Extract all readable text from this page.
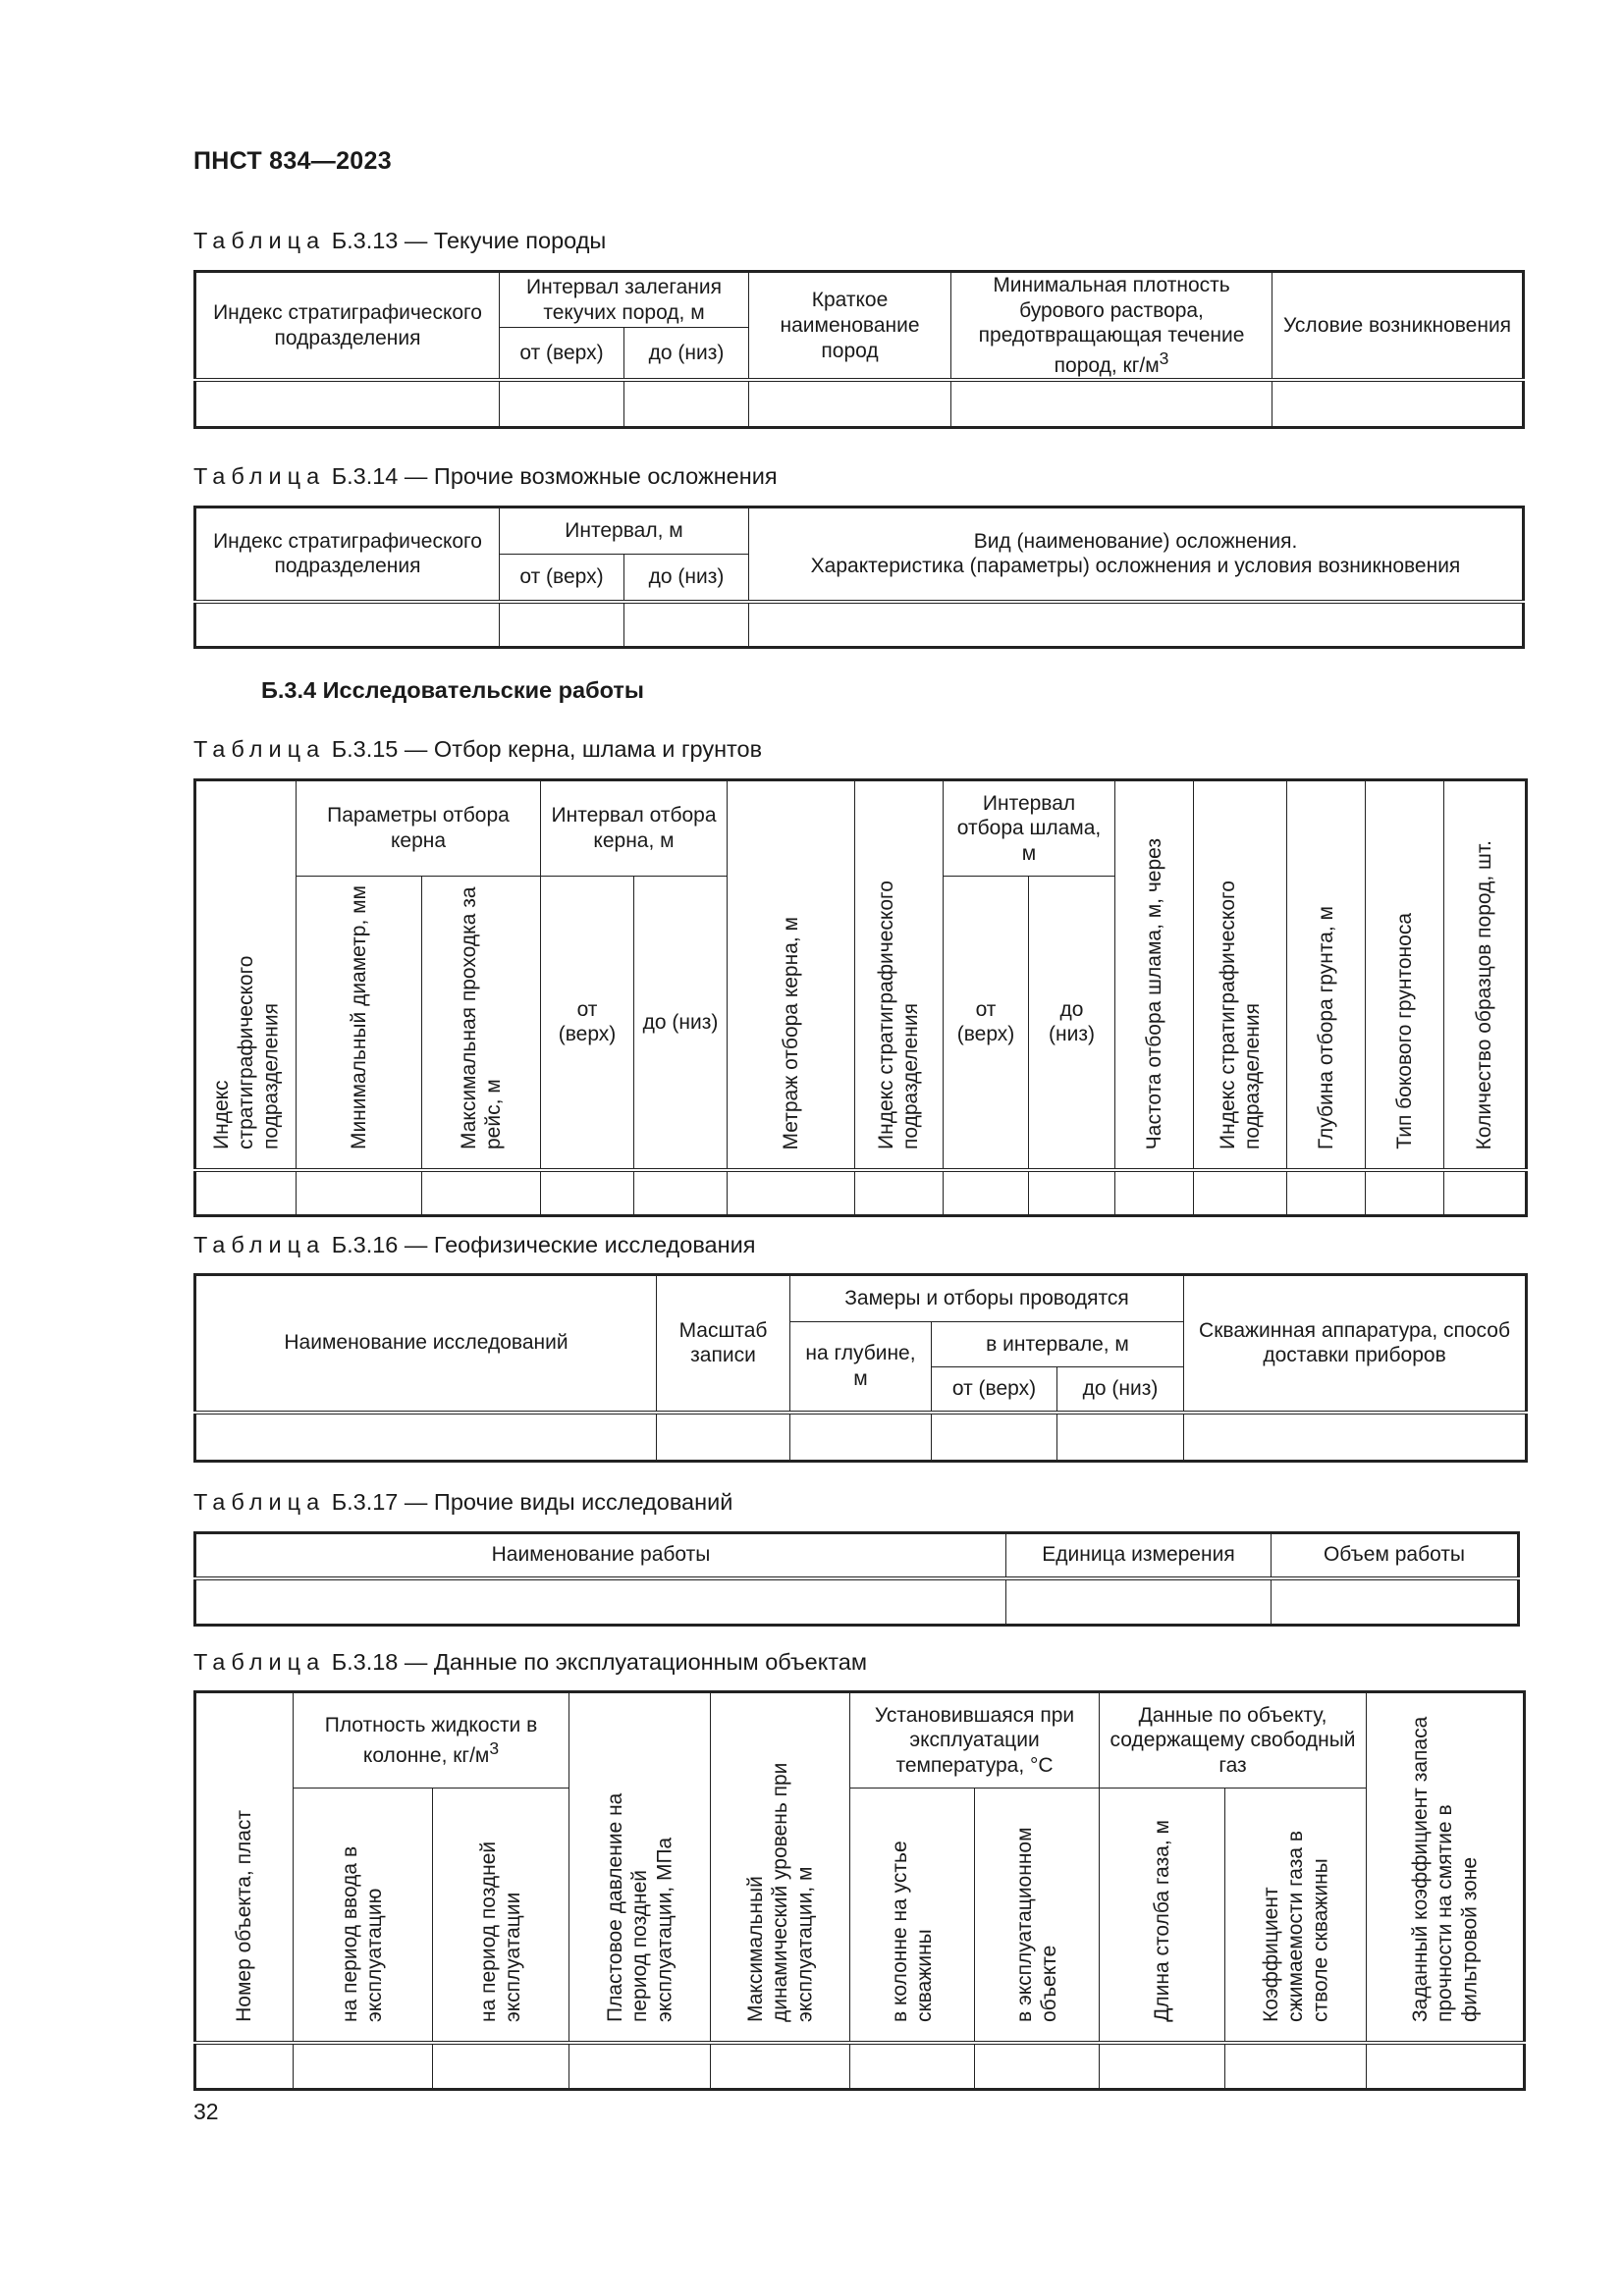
ПНСТ 834—2023
Таблица Б.3.13 — Текучие породы
Индекс стратиграфического подразделения	Интервал залегания текучих пород, м		Краткое наименование пород	Минимальная плотность бурового раствора, предотвращающая течение пород, $кг/м^3$	Условие возникновения
	от (верх)	до (низ)			

Таблица Б.3.14 — Прочие возможные осложнения
Индекс стратиграфического подразделения	Интервал, м		Вид (наименование) осложнения.
Характеристика (параметры) осложнения и условия возникновения
	от (верх)	до (низ)	

Б.3.4 Исследовательские работы
Таблица Б.3.15 — Отбор керна, шлама и грунтов
Индекс стратиграфического подразделения	Параметры отбора керна		Интервал отбора керна, м		Метраж отбора керна, м	Индекс стратиграфического подразделения	Интервал отбора шлама, м		Частота отбора шлама, м, через	Индекс стратиграфического подразделения	Глубина отбора грунта, м	Тип бокового грунтоноса	Количество образцов пород, шт.
	Минимальный диаметр, мм	Максимальная проходка за рейс, м	от (верх)	до (низ)			от (верх)	до (низ)					

Таблица Б.3.16 — Геофизические исследования
Наименование исследований	Масштаб записи	Замеры и отборы проводятся			Скважинная аппаратура, способ доставки приборов
		на глубине, м	в интервале, м		
			от (верх)	до (низ)	

Таблица Б.3.17 — Прочие виды исследований
Наименование работы	Единица измерения	Объем работы

Таблица Б.3.18 — Данные по эксплуатационным объектам
Номер объекта, пласт	Плотность жидкости в колонне, $кг/м^3$		Пластовое давление на период поздней эксплуатации, МПа	Максимальный динамический уровень при эксплуатации, м	Установившаяся при эксплуатации температура, °С		Данные по объекту, содержащему свободный газ		Заданный коэффициент запаса прочности на смятие в фильтровой зоне
	на период ввода в эксплуатацию	на период поздней эксплуатации			в колонне на устье скважины	в эксплуатационном объекте	Длина столба газа, м	Коэффициент сжимаемости газа в стволе скважины	

32
